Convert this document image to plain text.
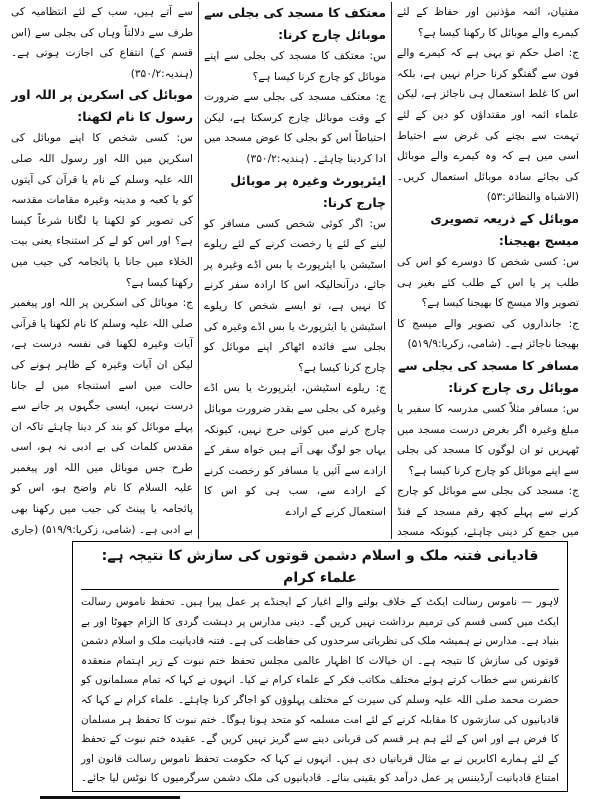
مفتیان، ائمہ مؤذنین اور حفاظ کے لئے کیمرے والے موبائل کا رکھنا کیسا ہے؟

ج: اصل حکم تو یہی ہے کہ کیمرے والے فون سے گفتگو کرنا حرام نہیں ہے، بلکہ اس کا غلط استعمال ہی ناجائز ہے، لیکن علماء ائمہ اور مقتداؤں کو دین کے لئے تہمت سے بچنے کی غرض سے احتیاط اسی میں ہے کہ وہ کیمرے والے موبائل کی بجائے سادہ موبائل استعمال کریں۔ (الاشباہ والنظائر:۵۳)

موبائل کے ذریعہ تصویری میسج بھیجنا:

س: کسی شخص کا دوسرے کو اس کی طلب پر یا اس کے طلب کئے بغیر ہی تصویر والا میسج کا بھیجنا کیسا ہے؟

ج: جانداروں کی تصویر والے میسج کا بھیجنا ناجائز ہے۔ (شامی، زکریا:۵۱۹/۹)

مسافر کا مسجد کی بجلی سے موبائل ری چارج کرنا:

س: مسافر مثلاً کسی مدرسہ کا سفیر یا مبلغ وغیرہ اگر بغرض درست مسجد میں ٹھہریں تو ان لوگوں کا مسجد کی بجلی سے اپنے موبائل کو چارج کرنا کیسا ہے؟

ج: مسجد کی بجلی سے موبائل کو چارج کرنے سے پہلے کچھ رقم مسجد کے فنڈ میں جمع کر دینی چاہئے، کیونکہ مسجد

معتکف کا مسجد کی بجلی سے موبائل چارج کرنا:

س: معتکف کا مسجد کی بجلی سے اپنے موبائل کو چارج کرنا کیسا ہے؟

ج: معتکف مسجد کی بجلی سے ضرورت کے وقت موبائل چارج کرسکتا ہے، لیکن احتیاطاً اس کو بجلی کا عوض مسجد میں ادا کردینا چاہئے۔ (ہندیہ:۳۵۰/۲)

ایئرپورٹ وغیرہ پر موبائل چارج کرنا:

س: اگر کوئی شخص کسی مسافر کو لینے کے لئے یا رخصت کرنے کے لئے ریلوے اسٹیشن یا ایئرپورٹ یا بس اڈے وغیرہ پر جائے، درآنحالیکہ اس کا ارادہ سفر کرنے کا نہیں ہے، تو ایسے شخص کا ریلوے اسٹیشن یا ایئرپورٹ یا بس اڈے وغیرہ کی بجلی سے فائدہ اٹھاکر اپنے موبائل کو چارج کرنا کیسا ہے؟

ج: ریلوے اسٹیشن، ایئرپورٹ یا بس اڈے وغیرہ کی بجلی سے بقدر ضرورت موبائل چارج کرنے میں کوئی حرج نہیں، کیونکہ یہاں جو لوگ بھی آتے ہیں خواہ سفر کے ارادے سے آئیں یا مسافر کو رخصت کرنے کے ارادے سے، سب ہی کو اس کا استعمال کرنے کے ارادے

سے آتے ہیں، سب کے لئے انتظامیہ کی طرف سے دلالتاً وہاں کی بجلی سے (اس قسم کے) انتفاع کی اجازت ہوتی ہے۔ (ہندیہ:۳۵۰/۲)

موبائل کی اسکرین پر اللہ اور رسول کا نام لکھنا:

س: کسی شخص کا اپنے موبائل کی اسکرین میں اللہ اور رسول اللہ صلی اللہ علیہ وسلم کے نام یا قرآن کی آیتوں کو یا کعبہ و مدینہ وغیرہ مقامات مقدسہ کی تصویر کو لکھنا یا لگانا شرعاً کیسا ہے؟ اور اس کو لے کر استنجاء یعنی بیت الخلاء میں جانا یا پائجامہ کی جیب میں رکھنا کیسا ہے؟

ج: موبائل کی اسکرین پر اللہ اور پیغمبر صلی اللہ علیہ وسلم کا نام لکھنا یا قرآنی آیات وغیرہ لکھنا فی نفسہ درست ہے، لیکن ان آیات وغیرہ کے ظاہر ہونے کی حالت میں اسے استنجاء میں لے جانا درست نہیں، ایسی جگہوں پر جانے سے پہلے موبائل کو بند کر دینا چاہئے تاکہ ان مقدس کلمات کی بے ادبی نہ ہو، اسی طرح جس موبائل میں اللہ اور پیغمبر علیہ السلام کا نام واضح ہو، اس کو پائجامہ یا پینٹ کی جیب میں رکھنا بھی بے ادبی ہے۔ (شامی، زکریا:۵۱۹/۹) (جاری

قادیانی فتنہ ملک و اسلام دشمن قوتوں کی سازش کا نتیجہ ہے: علماء کرام

لاہور — ناموس رسالت ایکٹ کے خلاف بولنے والے اغیار کے ایجنڈے پر عمل پیرا ہیں۔ تحفظ ناموس رسالت ایکٹ میں کسی قسم کی ترمیم برداشت نہیں کریں گے۔ دینی مدارس پر دہشت گردی کا الزام جھوٹا اور بے بنیاد ہے۔ مدارس نے ہمیشہ ملک کی نظریاتی سرحدوں کی حفاظت کی ہے۔ فتنہ قادیانیت ملک و اسلام دشمن قوتوں کی سازش کا نتیجہ ہے۔ ان خیالات کا اظہار عالمی مجلس تحفظ ختم نبوت کے زیر اہتمام منعقدہ کانفرنس سے خطاب کرتے ہوئے مختلف مکاتب فکر کے علماء کرام نے کیا۔ انہوں نے کہا کہ تمام مسلمانوں کو حضرت محمد صلی اللہ علیہ وسلم کی سیرت کے مختلف پہلوؤں کو اجاگر کرنا چاہئے۔ علماء کرام نے کہا کہ قادیانیوں کی سازشوں کا مقابلہ کرنے کے لئے امت مسلمہ کو متحد ہونا ہوگا۔ ختم نبوت کا تحفظ ہر مسلمان کا فرض ہے اور اس کے لئے ہم ہر قسم کی قربانی دینے سے گریز نہیں کریں گے۔ عقیدہ ختم نبوت کے تحفظ کے لئے ہمارے اکابرین نے بے مثال قربانیاں دی ہیں۔ انہوں نے کہا کہ حکومت تحفظ ناموس رسالت قانون اور امتناع قادیانیت آرڈیننس پر عمل درآمد کو یقینی بنائے۔ قادیانیوں کی ملک دشمن سرگرمیوں کا نوٹس لیا جائے۔
